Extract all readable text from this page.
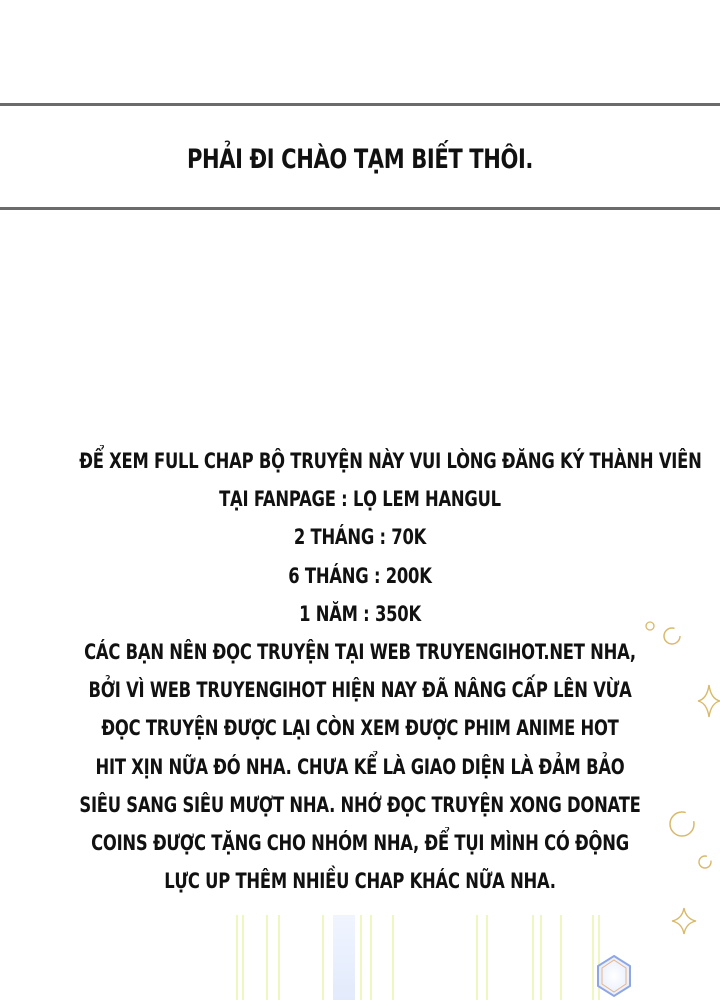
PHẢI ĐI CHÀO TẠM BIẾT THÔI.
ĐỂ XEM FULL CHAP BỘ TRUYỆN NÀY VUI LÒNG ĐĂNG KÝ THÀNH VIÊN
TẠI FANPAGE : LỌ LEM HANGUL
2 THÁNG : 70K
6 THÁNG : 200K
1 NĂM : 350K
CÁC BẠN NÊN ĐỌC TRUYỆN TẠI WEB TRUYENGIHOT.NET NHA,
BỞI VÌ WEB TRUYENGIHOT HIỆN NAY ĐÃ NÂNG CẤP LÊN VỪA
ĐỌC TRUYỆN ĐƯỢC LẠI CÒN XEM ĐƯỢC PHIM ANIME HOT
HIT XỊN NỮA ĐÓ NHA. CHƯA KỂ LÀ GIAO DIỆN LÀ ĐẢM BẢO
SIÊU SANG SIÊU MƯỢT NHA. NHỚ ĐỌC TRUYỆN XONG DONATE
COINS ĐƯỢC TẶNG CHO NHÓM NHA, ĐỂ TỤI MÌNH CÓ ĐỘNG
LỰC UP THÊM NHIỀU CHAP KHÁC NỮA NHA.
